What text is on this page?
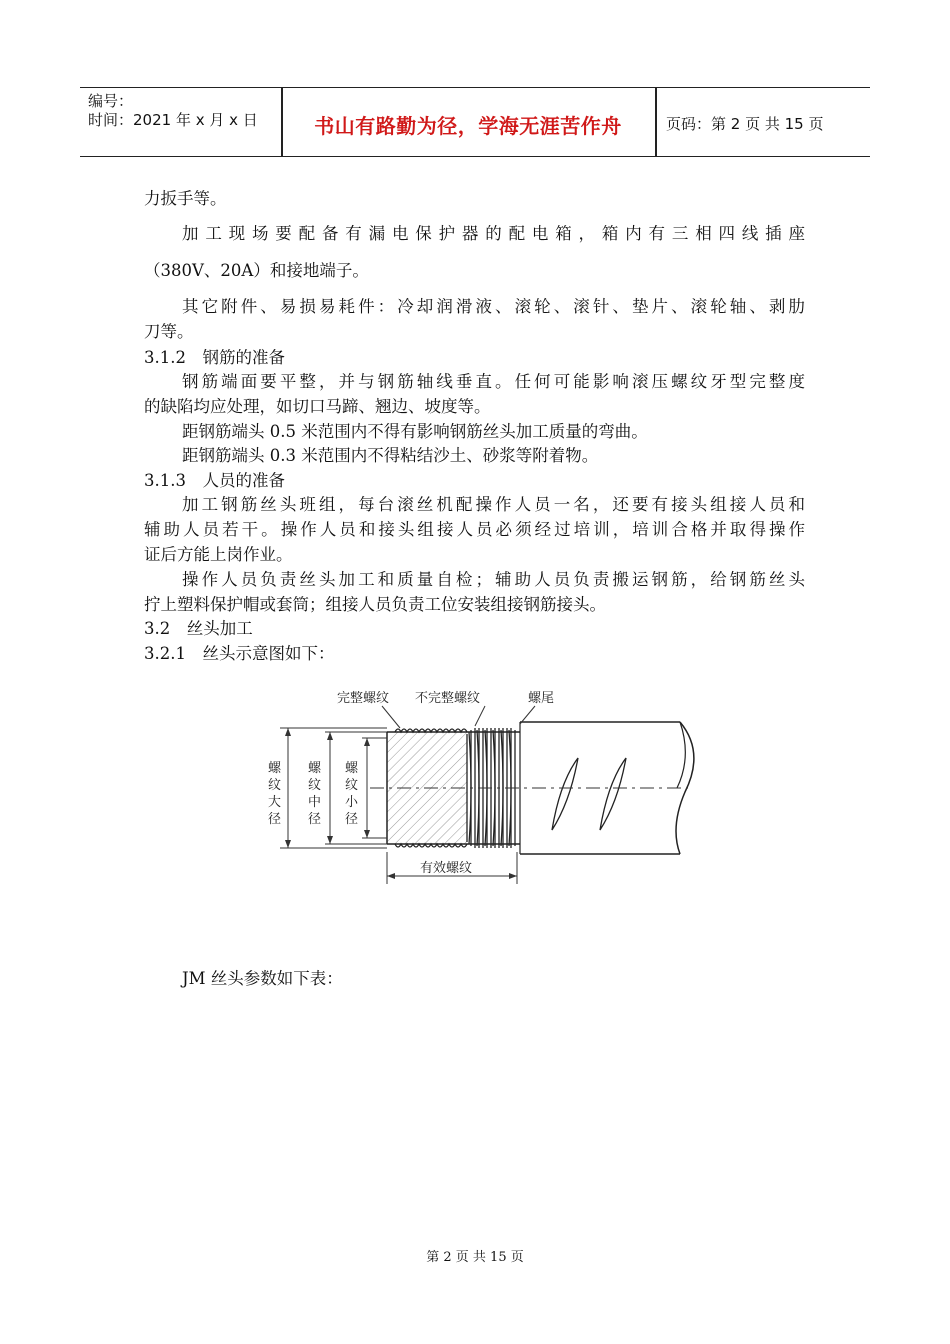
编号：
时间：2021 年 x 月 x 日	书山有路勤为径，学海无涯苦作舟	页码：第 2 页 共 15 页
力扳手等。
加工现场要配备有漏电保护器的配电箱，箱内有三相四线插座
（380V、20A）和接地端子。
其它附件、易损易耗件：冷却润滑液、滚轮、滚针、垫片、滚轮轴、剥肋
刀等。
3.1.2　钢筋的准备
钢筋端面要平整，并与钢筋轴线垂直。任何可能影响滚压螺纹牙型完整度
的缺陷均应处理，如切口马蹄、翘边、坡度等。
距钢筋端头 0.5 米范围内不得有影响钢筋丝头加工质量的弯曲。
距钢筋端头 0.3 米范围内不得粘结沙土、砂浆等附着物。
3.1.3　人员的准备
加工钢筋丝头班组，每台滚丝机配操作人员一名，还要有接头组接人员和
辅助人员若干。操作人员和接头组接人员必须经过培训，培训合格并取得操作
证后方能上岗作业。
操作人员负责丝头加工和质量自检；辅助人员负责搬运钢筋，给钢筋丝头
拧上塑料保护帽或套筒；组接人员负责工位安装组接钢筋接头。
3.2　丝头加工
3.2.1　丝头示意图如下：
完整螺纹 不完整螺纹	螺尾
螺
纹
大
径
螺
纹
中
径
螺
纹
小
径
有效螺纹
JM 丝头参数如下表：
第 2 页 共 15 页
